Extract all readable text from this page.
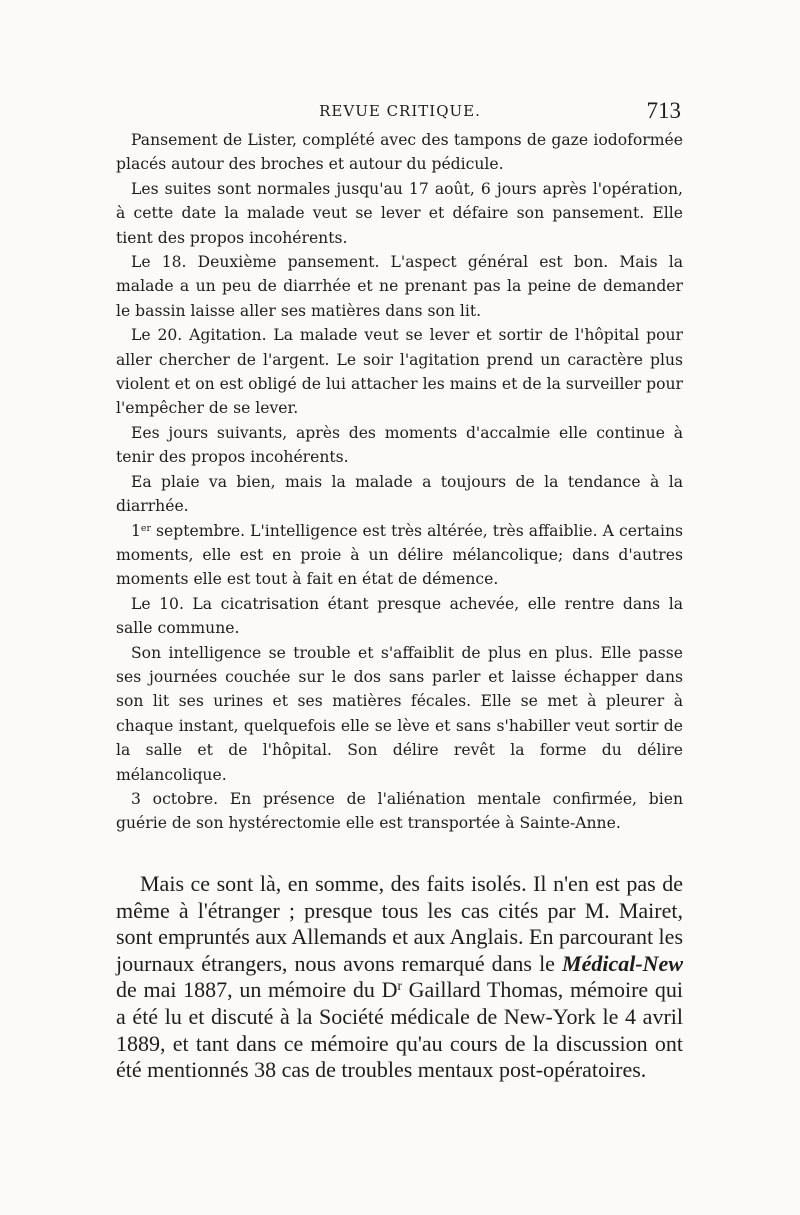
REVUE CRITIQUE.	713

Pansement de Lister, complété avec des tampons de gaze iodoformée placés autour des broches et autour du pédicule.

Les suites sont normales jusqu'au 17 août, 6 jours après l'opération, à cette date la malade veut se lever et défaire son pansement. Elle tient des propos incohérents.

Le 18. Deuxième pansement. L'aspect général est bon. Mais la malade a un peu de diarrhée et ne prenant pas la peine de demander le bassin laisse aller ses matières dans son lit.

Le 20. Agitation. La malade veut se lever et sortir de l'hôpital pour aller chercher de l'argent. Le soir l'agitation prend un caractère plus violent et on est obligé de lui attacher les mains et de la surveiller pour l'empêcher de se lever.

Ees jours suivants, après des moments d'accalmie elle continue à tenir des propos incohérents.

Ea plaie va bien, mais la malade a toujours de la tendance à la diarrhée.

1er septembre. L'intelligence est très altérée, très affaiblie. A certains moments, elle est en proie à un délire mélancolique; dans d'autres moments elle est tout à fait en état de démence.

Le 10. La cicatrisation étant presque achevée, elle rentre dans la salle commune.

Son intelligence se trouble et s'affaiblit de plus en plus. Elle passe ses journées couchée sur le dos sans parler et laisse échapper dans son lit ses urines et ses matières fécales. Elle se met à pleurer à chaque instant, quelquefois elle se lève et sans s'habiller veut sortir de la salle et de l'hôpital. Son délire revêt la forme du délire mélancolique.

3 octobre. En présence de l'aliénation mentale confirmée, bien guérie de son hystérectomie elle est transportée à Sainte-Anne.

Mais ce sont là, en somme, des faits isolés. Il n'en est pas de même à l'étranger ; presque tous les cas cités par M. Mairet, sont empruntés aux Allemands et aux Anglais. En parcourant les journaux étrangers, nous avons remarqué dans le Médical-New de mai 1887, un mémoire du $D^r$ Gaillard Thomas, mémoire qui a été lu et discuté à la Société médicale de New-York le 4 avril 1889, et tant dans ce mémoire qu'au cours de la discussion ont été mentionnés 38 cas de troubles mentaux post-opératoires.
